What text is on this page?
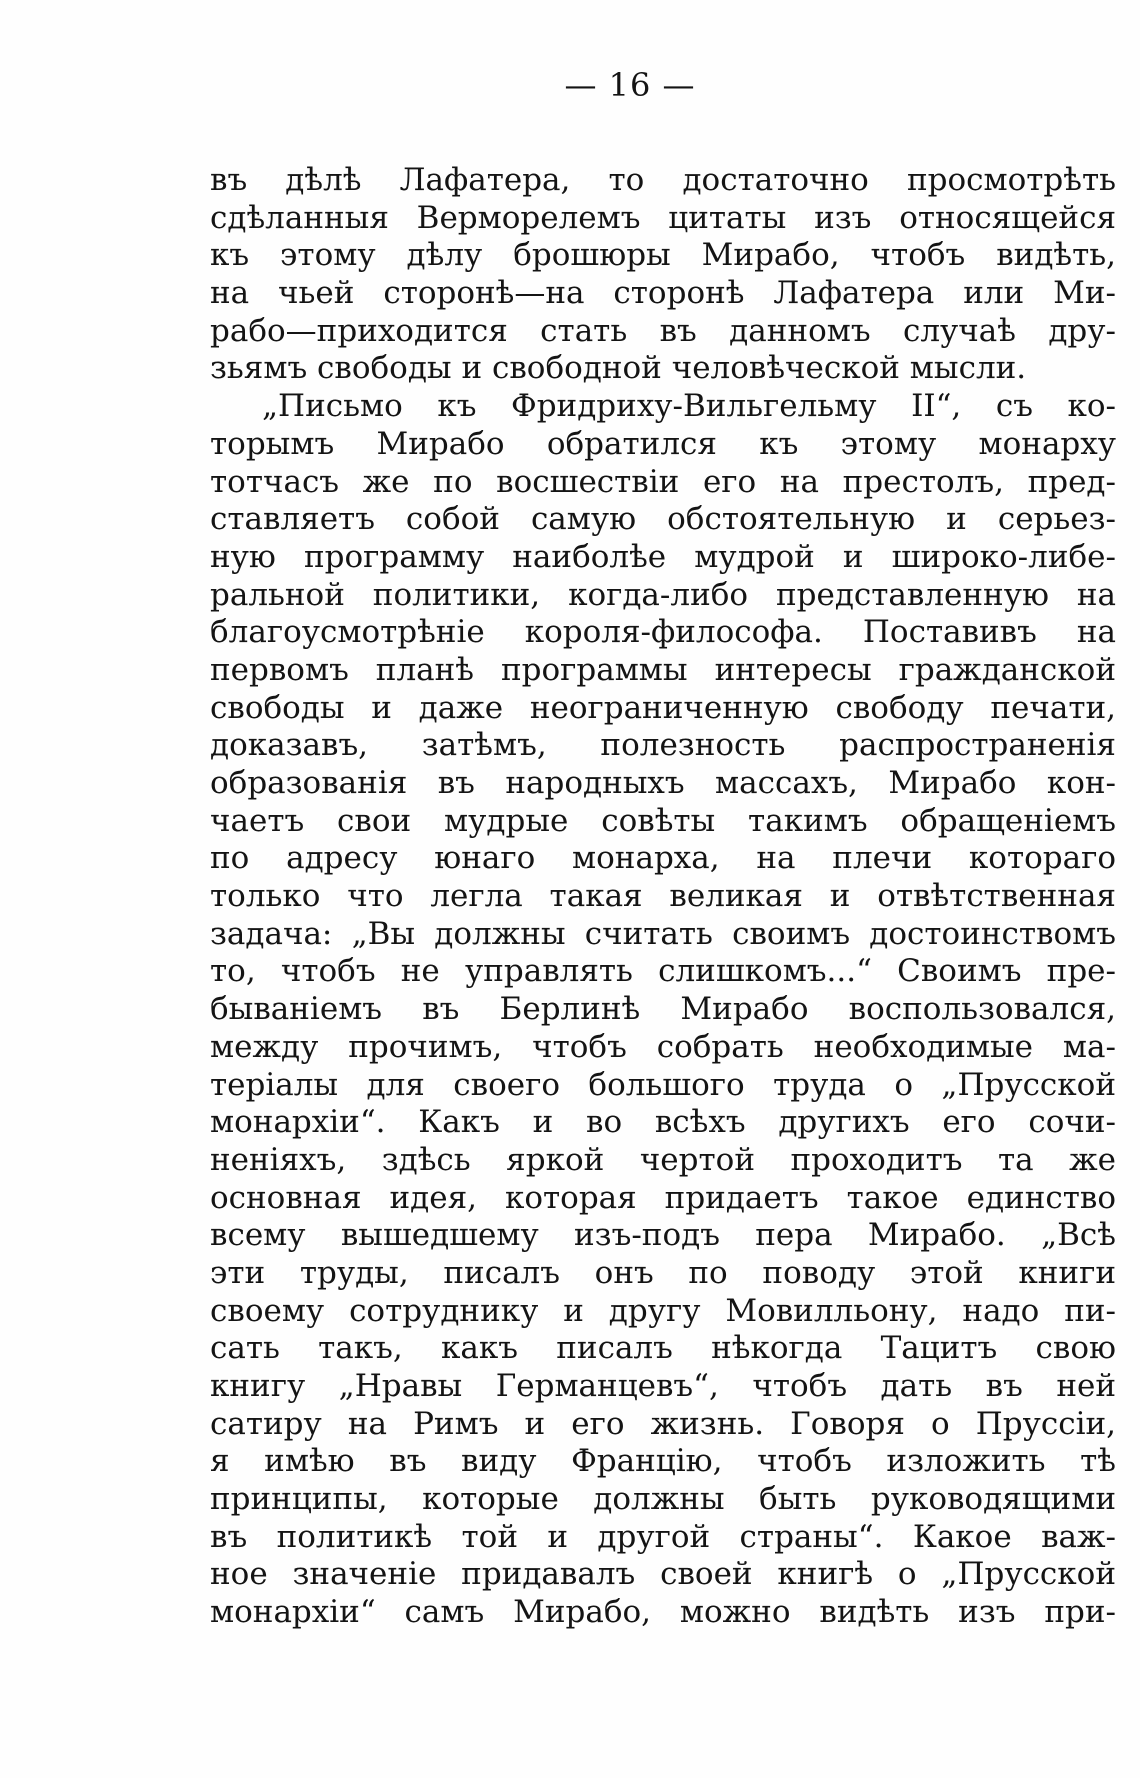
— 16 —
въ дѣлѣ Лафатера, то достаточно просмотрѣть
сдѣланныя Верморелемъ цитаты изъ относящейся
къ этому дѣлу брошюры Мирабо, чтобъ видѣть,
на чьей сторонѣ—на сторонѣ Лафатера или Ми-
рабо—приходится стать въ данномъ случаѣ дру-
зьямъ свободы и свободной человѣческой мысли.
„Письмо къ Фридриху-Вильгельму II“, съ ко-
торымъ Мирабо обратился къ этому монарху
тотчасъ же по восшествіи его на престолъ, пред-
ставляетъ собой самую обстоятельную и серьез-
ную программу наиболѣе мудрой и широко-либе-
ральной политики, когда-либо представленную на
благоусмотрѣніе короля-философа. Поставивъ на
первомъ планѣ программы интересы гражданской
свободы и даже неограниченную свободу печати,
доказавъ, затѣмъ, полезность распространенія
образованія въ народныхъ массахъ, Мирабо кон-
чаетъ свои мудрые совѣты такимъ обращеніемъ
по адресу юнаго монарха, на плечи котораго
только что легла такая великая и отвѣтственная
задача: „Вы должны считать своимъ достоинствомъ
то, чтобъ не управлять слишкомъ...“ Своимъ пре-
быванiемъ въ Берлинѣ Мирабо воспользовался,
между прочимъ, чтобъ собрать необходимые ма-
теріалы для своего большого труда о „Прусской
монархіи“. Какъ и во всѣхъ другихъ его сочи-
неніяхъ, здѣсь яркой чертой проходитъ та же
основная идея, которая придаетъ такое единство
всему вышедшему изъ-подъ пера Мирабо. „Всѣ
эти труды, писалъ онъ по поводу этой книги
своему сотруднику и другу Мовилльону, надо пи-
сать такъ, какъ писалъ нѣкогда Тацитъ свою
книгу „Нравы Германцевъ“, чтобъ дать въ ней
сатиру на Римъ и его жизнь. Говоря о Пруссіи,
я имѣю въ виду Францію, чтобъ изложить тѣ
принципы, которые должны быть руководящими
въ политикѣ той и другой страны“. Какое важ-
ное значеніе придавалъ своей книгѣ о „Прусской
монархіи“ самъ Мирабо, можно видѣть изъ при-
